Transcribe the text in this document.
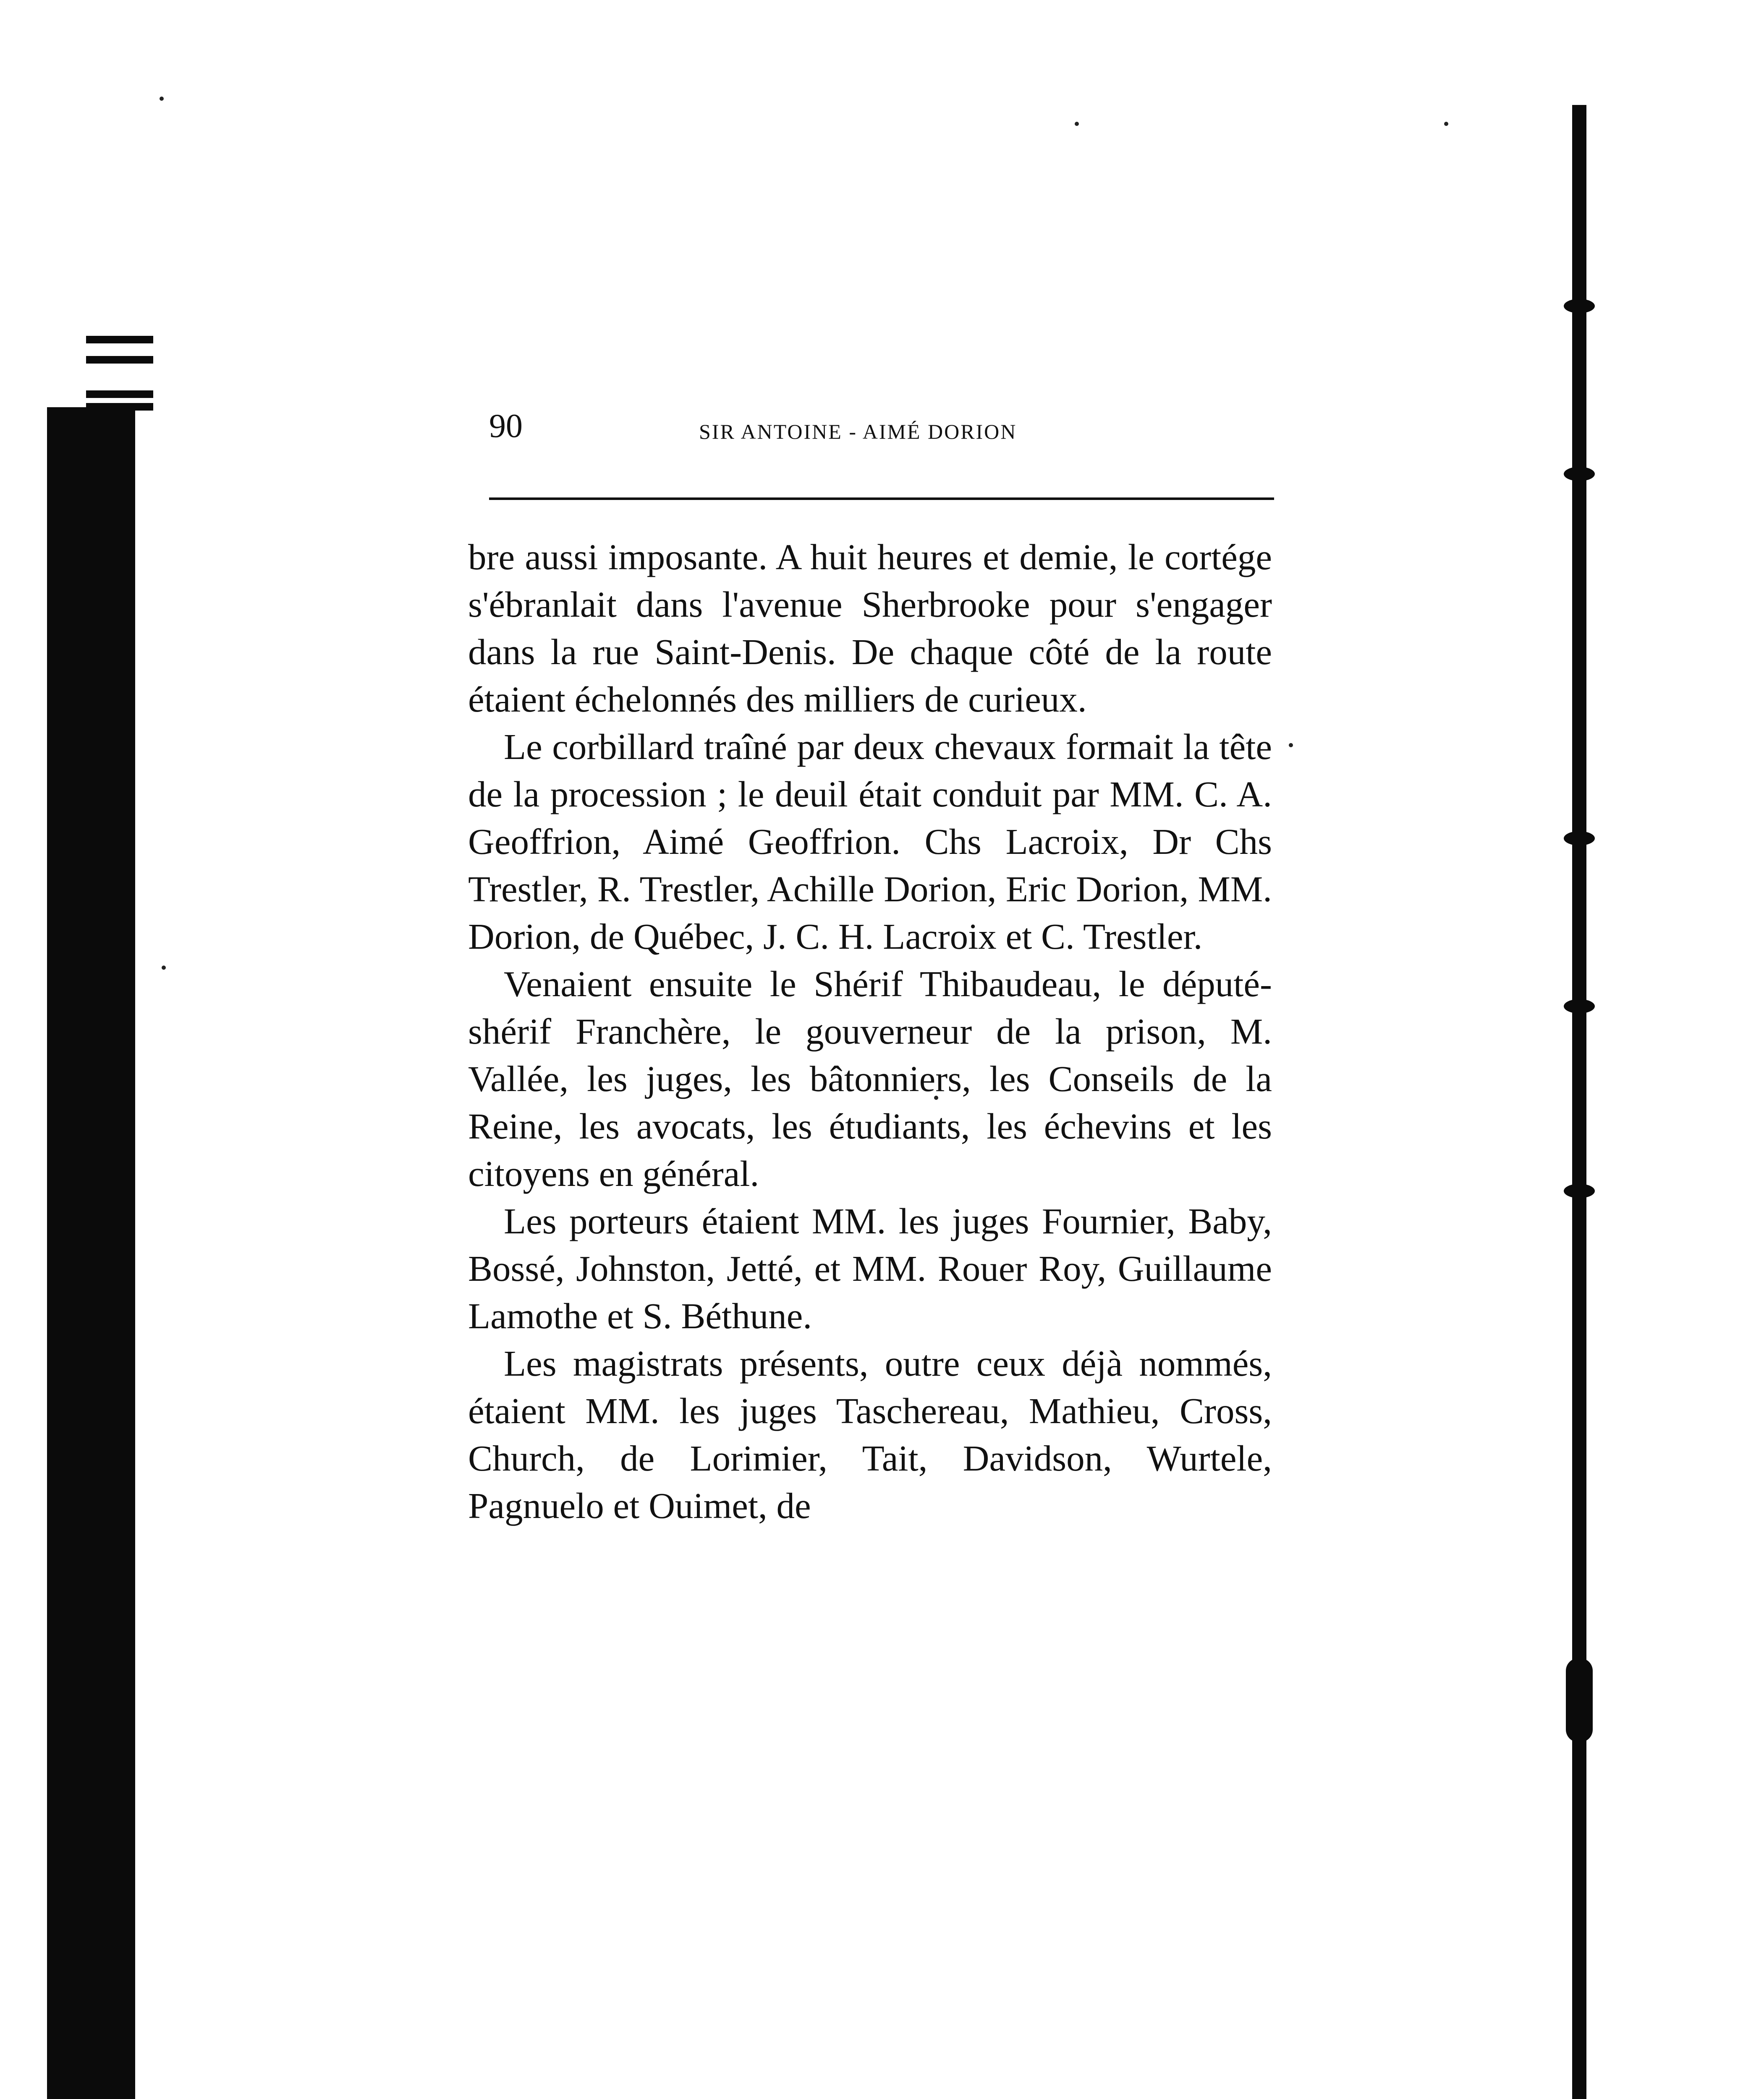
90	SIR ANTOINE - AIMÉ DORION

bre aussi imposante. A huit heures et demie, le cortége s'ébranlait dans l'avenue Sherbrooke pour s'engager dans la rue Saint-Denis. De chaque côté de la route étaient échelonnés des milliers de curieux.

Le corbillard traîné par deux chevaux formait la tête de la procession ; le deuil était conduit par MM. C. A. Geoffrion, Aimé Geoffrion. Chs Lacroix, Dr Chs Trestler, R. Trestler, Achille Dorion, Eric Dorion, MM. Dorion, de Québec, J. C. H. Lacroix et C. Trestler.

Venaient ensuite le Shérif Thibaudeau, le député-shérif Franchère, le gouverneur de la prison, M. Vallée, les juges, les bâtonniers, les Conseils de la Reine, les avocats, les étudiants, les échevins et les citoyens en général.

Les porteurs étaient MM. les juges Fournier, Baby, Bossé, Johnston, Jetté, et MM. Rouer Roy, Guillaume Lamothe et S. Béthune.

Les magistrats présents, outre ceux déjà nommés, étaient MM. les juges Taschereau, Mathieu, Cross, Church, de Lorimier, Tait, Davidson, Wurtele, Pagnuelo et Ouimet, de
